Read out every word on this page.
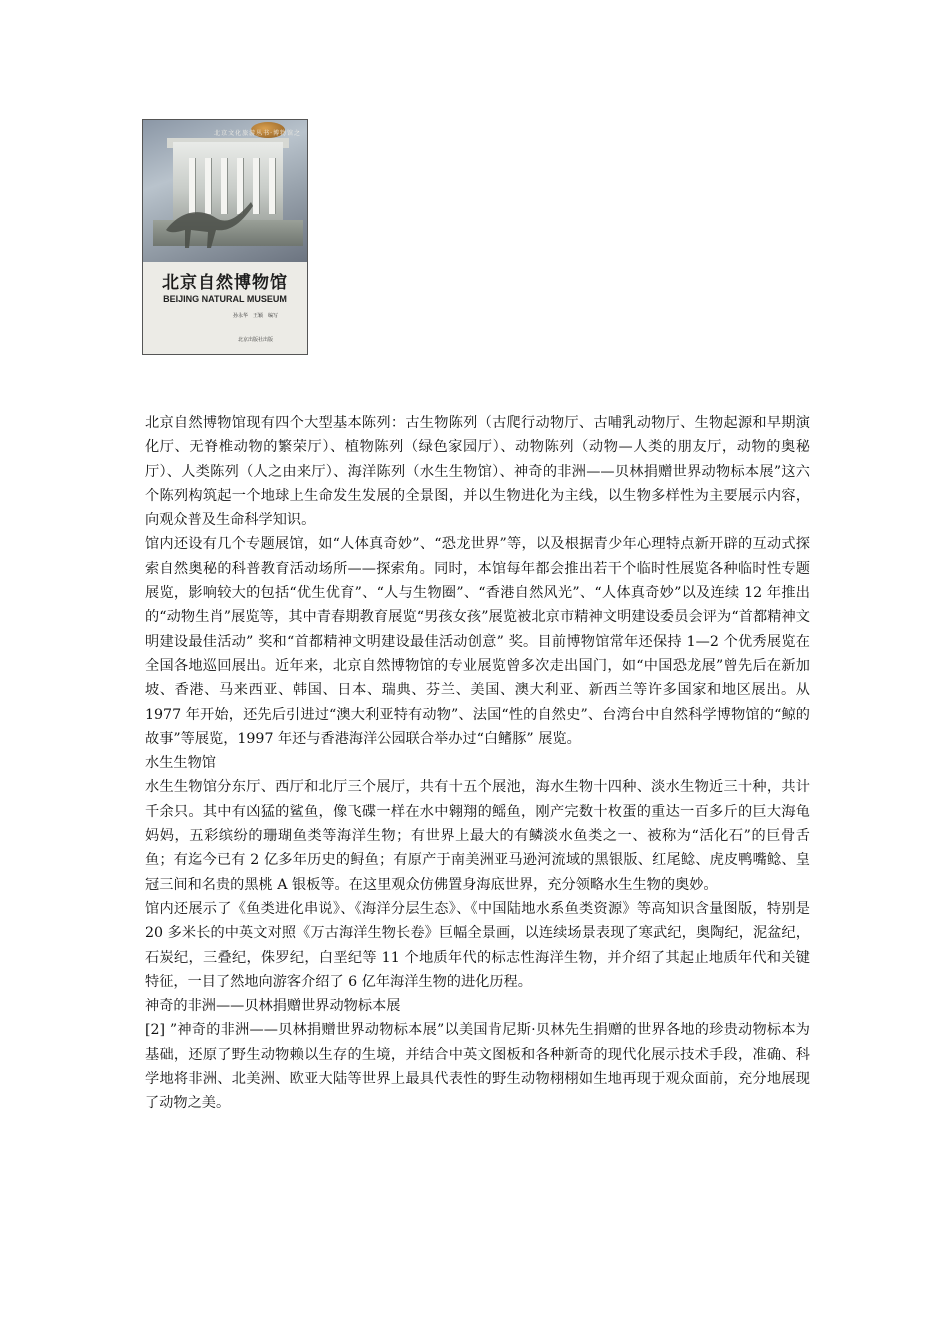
北京文化旅游丛书·博物馆之
北京自然博物馆
BEIJING NATURAL MUSEUM
孙永华　王颖　编写
北京出版社出版

北京自然博物馆现有四个大型基本陈列：古生物陈列（古爬行动物厅、古哺乳动物厅、生物起源和早期演化厅、无脊椎动物的繁荣厅）、植物陈列（绿色家园厅）、动物陈列（动物—人类的朋友厅，动物的奥秘厅）、人类陈列（人之由来厅）、海洋陈列（水生生物馆）、神奇的非洲——贝林捐赠世界动物标本展”这六个陈列构筑起一个地球上生命发生发展的全景图，并以生物进化为主线，以生物多样性为主要展示内容，向观众普及生命科学知识。

馆内还设有几个专题展馆，如“人体真奇妙”、“恐龙世界”等，以及根据青少年心理特点新开辟的互动式探索自然奥秘的科普教育活动场所——探索角。同时，本馆每年都会推出若干个临时性展览各种临时性专题展览，影响较大的包括“优生优育”、“人与生物圈”、“香港自然风光”、“人体真奇妙”以及连续 12 年推出的“动物生肖”展览等，其中青春期教育展览“男孩女孩”展览被北京市精神文明建设委员会评为“首都精神文明建设最佳活动” 奖和“首都精神文明建设最佳活动创意” 奖。目前博物馆常年还保持 1—2 个优秀展览在全国各地巡回展出。近年来，北京自然博物馆的专业展览曾多次走出国门，如“中国恐龙展”曾先后在新加坡、香港、马来西亚、韩国、日本、瑞典、芬兰、美国、澳大利亚、新西兰等许多国家和地区展出。从 1977 年开始，还先后引进过“澳大利亚特有动物”、法国“性的自然史”、台湾台中自然科学博物馆的“鲸的故事”等展览，1997 年还与香港海洋公园联合举办过“白鳍豚” 展览。

水生生物馆

水生生物馆分东厅、西厅和北厅三个展厅，共有十五个展池，海水生物十四种、淡水生物近三十种，共计千余只。其中有凶猛的鲨鱼，像飞碟一样在水中翱翔的鳐鱼，刚产完数十枚蛋的重达一百多斤的巨大海龟妈妈，五彩缤纷的珊瑚鱼类等海洋生物；有世界上最大的有鳞淡水鱼类之一、被称为“活化石”的巨骨舌鱼；有迄今已有 2 亿多年历史的鲟鱼；有原产于南美洲亚马逊河流域的黑银版、红尾鲶、虎皮鸭嘴鲶、皇冠三间和名贵的黑桃 A 银板等。在这里观众仿佛置身海底世界，充分领略水生生物的奥妙。

馆内还展示了《鱼类进化串说》、《海洋分层生态》、《中国陆地水系鱼类资源》等高知识含量图版，特别是 20 多米长的中英文对照《万古海洋生物长卷》巨幅全景画，以连续场景表现了寒武纪，奥陶纪，泥盆纪，石炭纪，三叠纪，侏罗纪，白垩纪等 11 个地质年代的标志性海洋生物，并介绍了其起止地质年代和关键特征，一目了然地向游客介绍了 6 亿年海洋生物的进化历程。

神奇的非洲——贝林捐赠世界动物标本展

[2] ”神奇的非洲——贝林捐赠世界动物标本展”以美国肯尼斯·贝林先生捐赠的世界各地的珍贵动物标本为基础，还原了野生动物赖以生存的生境，并结合中英文图板和各种新奇的现代化展示技术手段，准确、科学地将非洲、北美洲、欧亚大陆等世界上最具代表性的野生动物栩栩如生地再现于观众面前，充分地展现了动物之美。
